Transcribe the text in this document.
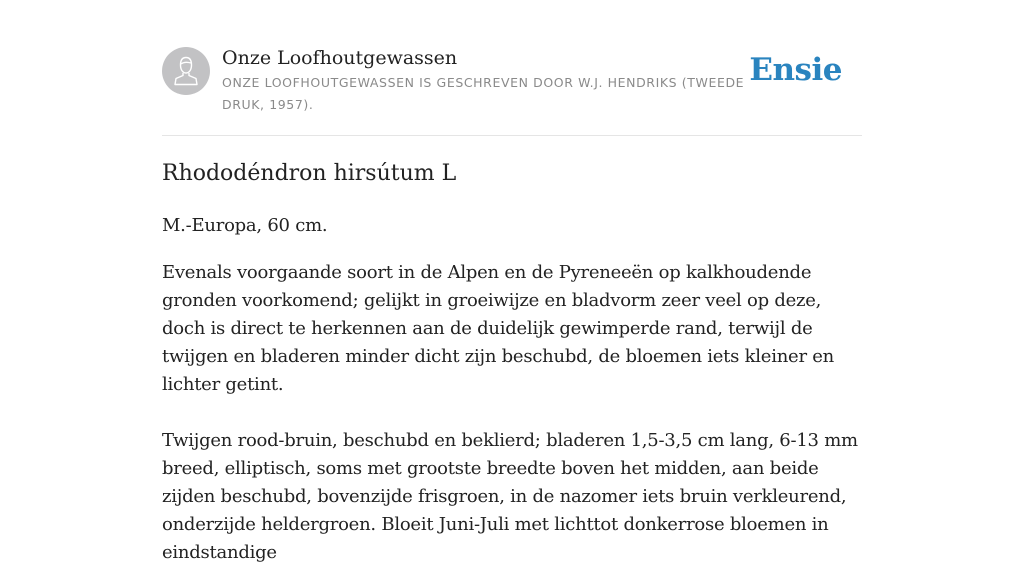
Onze Loofhoutgewassen
ONZE LOOFHOUTGEWASSEN IS GESCHREVEN DOOR W.J. HENDRIKS (TWEEDE DRUK, 1957).
Ensie
Rhododéndron hirsútum L

M.-Europa, 60 cm.

Evenals voorgaande soort in de Alpen en de Pyreneeën op kalkhoudende gronden voorkomend; gelijkt in groeiwijze en bladvorm zeer veel op deze, doch is direct te herkennen aan de duidelijk gewimperde rand, terwijl de twijgen en bladeren minder dicht zijn beschubd, de bloemen iets kleiner en lichter getint.

Twijgen rood-bruin, beschubd en beklierd; bladeren 1,5-3,5 cm lang, 6-13 mm breed, elliptisch, soms met grootste breedte boven het midden, aan beide zijden beschubd, bovenzijde frisgroen, in de nazomer iets bruin verkleurend, onderzijde heldergroen. Bloeit Juni-Juli met lichttot donkerrose bloemen in eindstandige
